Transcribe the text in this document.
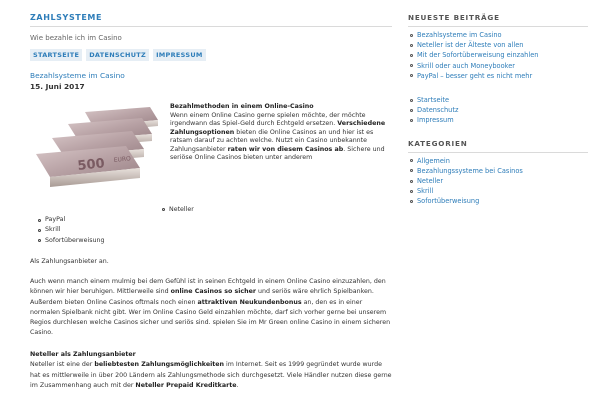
ZAHLSYSTEME
Wie bezahle ich im Casino
STARTSEITE	DATENSCHUTZ	IMPRESSUM
Bezahlsysteme im Casino
15. Juni 2017
500 EURO
Bezahlmethoden in einem Online-Casino
Wenn einem Online Casino gerne spielen möchte, der möchte irgendwann das Spiel-Geld durch Echtgeld ersetzen. Verschiedene Zahlungsoptionen bieten die Online Casinos an und hier ist es ratsam darauf zu achten welche. Nutzt ein Casino unbekannte Zahlungsanbieter raten wir von diesem Casinos ab. Sichere und seriöse Online Casinos bieten unter anderem
Neteller
PayPal
Skrill
Sofortüberweisung
Als Zahlungsanbieter an.
Auch wenn manch einem mulmig bei dem Gefühl ist in seinen Echtgeld in einem Online Casino einzuzahlen, den können wir hier beruhigen. Mittlerweile sind online Casinos so sicher und seriös wäre ehrlich Spielbanken. Außerdem bieten Online Casinos oftmals noch einen attraktiven Neukundenbonus an, den es in einer normalen Spielbank nicht gibt. Wer im Online Casino Geld einzahlen möchte, darf sich vorher gerne bei unserem Regios durchlesen welche Casinos sicher und seriös sind. spielen Sie im Mr Green online Casino in einem sicheren Casino.
Neteller als Zahlungsanbieter
Neteller ist eine der beliebtesten Zahlungsmöglichkeiten im Internet. Seit es 1999 gegründet wurde wurde hat es mittlerweile in über 200 Ländern als Zahlungsmethode sich durchgesetzt. Viele Händler nutzen diese gerne im Zusammenhang auch mit der Neteller Prepaid Kreditkarte.
NEUESTE BEITRÄGE
Bezahlsysteme im Casino
Neteller ist der Älteste von allen
Mit der Sofortüberweisung einzahlen
Skrill oder auch Moneybooker
PayPal – besser geht es nicht mehr
Startseite
Datenschutz
Impressum
KATEGORIEN
Allgemein
Bezahlungssysteme bei Casinos
Neteller
Skrill
Sofortüberweisung
